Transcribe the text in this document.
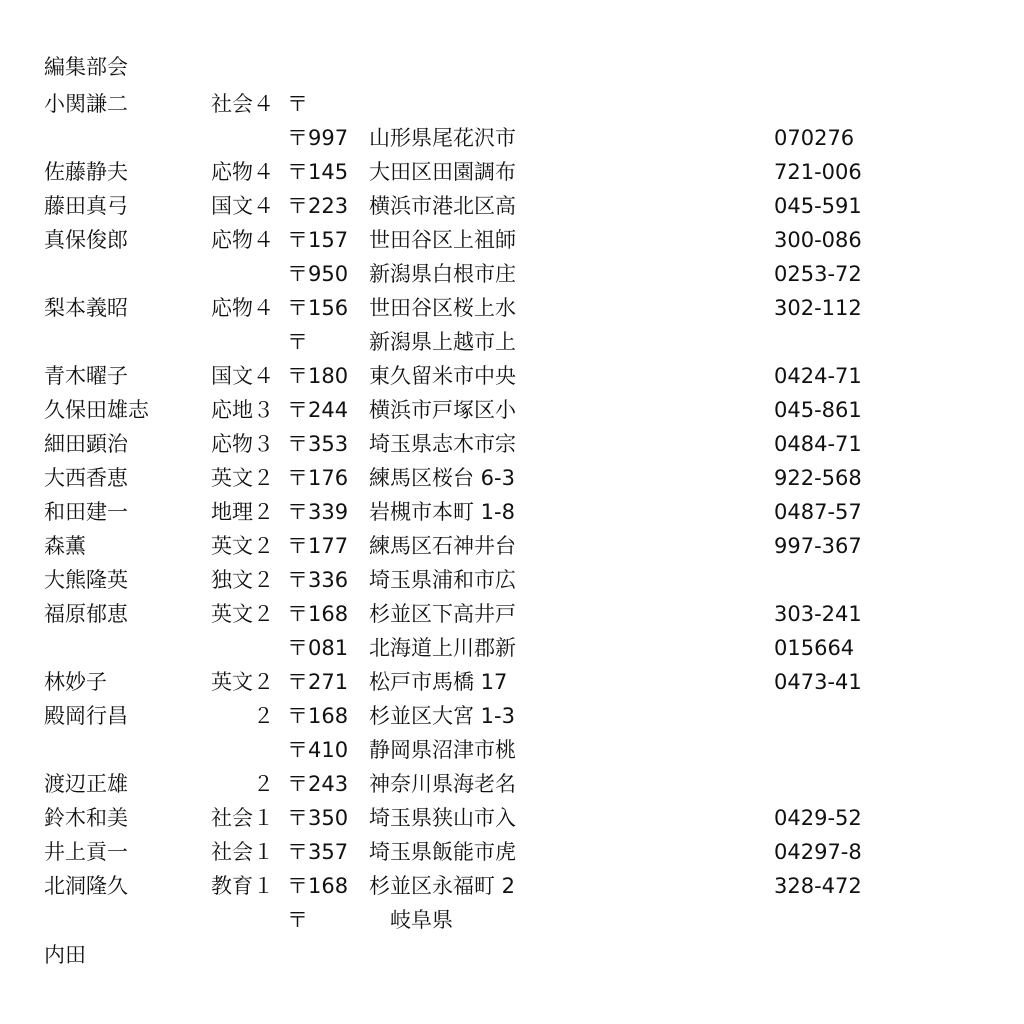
編集部会
小関謙二	社会４ 〒
〒997 山形県尾花沢市	070276
佐藤静夫	応物４ 〒145 大田区田園調布	721-006
藤田真弓	国文４ 〒223 横浜市港北区高	045-591
真保俊郎	応物４ 〒157 世田谷区上祖師	300-086
〒950 新潟県白根市庄	0253-72
梨本義昭	応物４ 〒156 世田谷区桜上水	302-112
〒	新潟県上越市上
青木曜子	国文４ 〒180 東久留米市中央	0424-71
久保田雄志	応地３ 〒244 横浜市戸塚区小	045-861
細田顕治	応物３ 〒353 埼玉県志木市宗	0484-71
大西香恵	英文２ 〒176 練馬区桜台 6-3	922-568
和田建一	地理２ 〒339 岩槻市本町 1-8	0487-57
森薫	英文２ 〒177 練馬区石神井台	997-367
大熊隆英	独文２ 〒336 埼玉県浦和市広
福原郁恵	英文２ 〒168 杉並区下高井戸	303-241
〒081 北海道上川郡新	015664
林妙子	英文２ 〒271 松戸市馬橋 17	0473-41
殿岡行昌	２ 〒168 杉並区大宮 1-3
〒410 静岡県沼津市桃
渡辺正雄	２ 〒243 神奈川県海老名
鈴木和美	社会１ 〒350 埼玉県狭山市入	0429-52
井上貢一	社会１ 〒357 埼玉県飯能市虎	04297-8
北洞隆久	教育１ 〒168 杉並区永福町 2	328-472
〒	　岐阜県
内田
